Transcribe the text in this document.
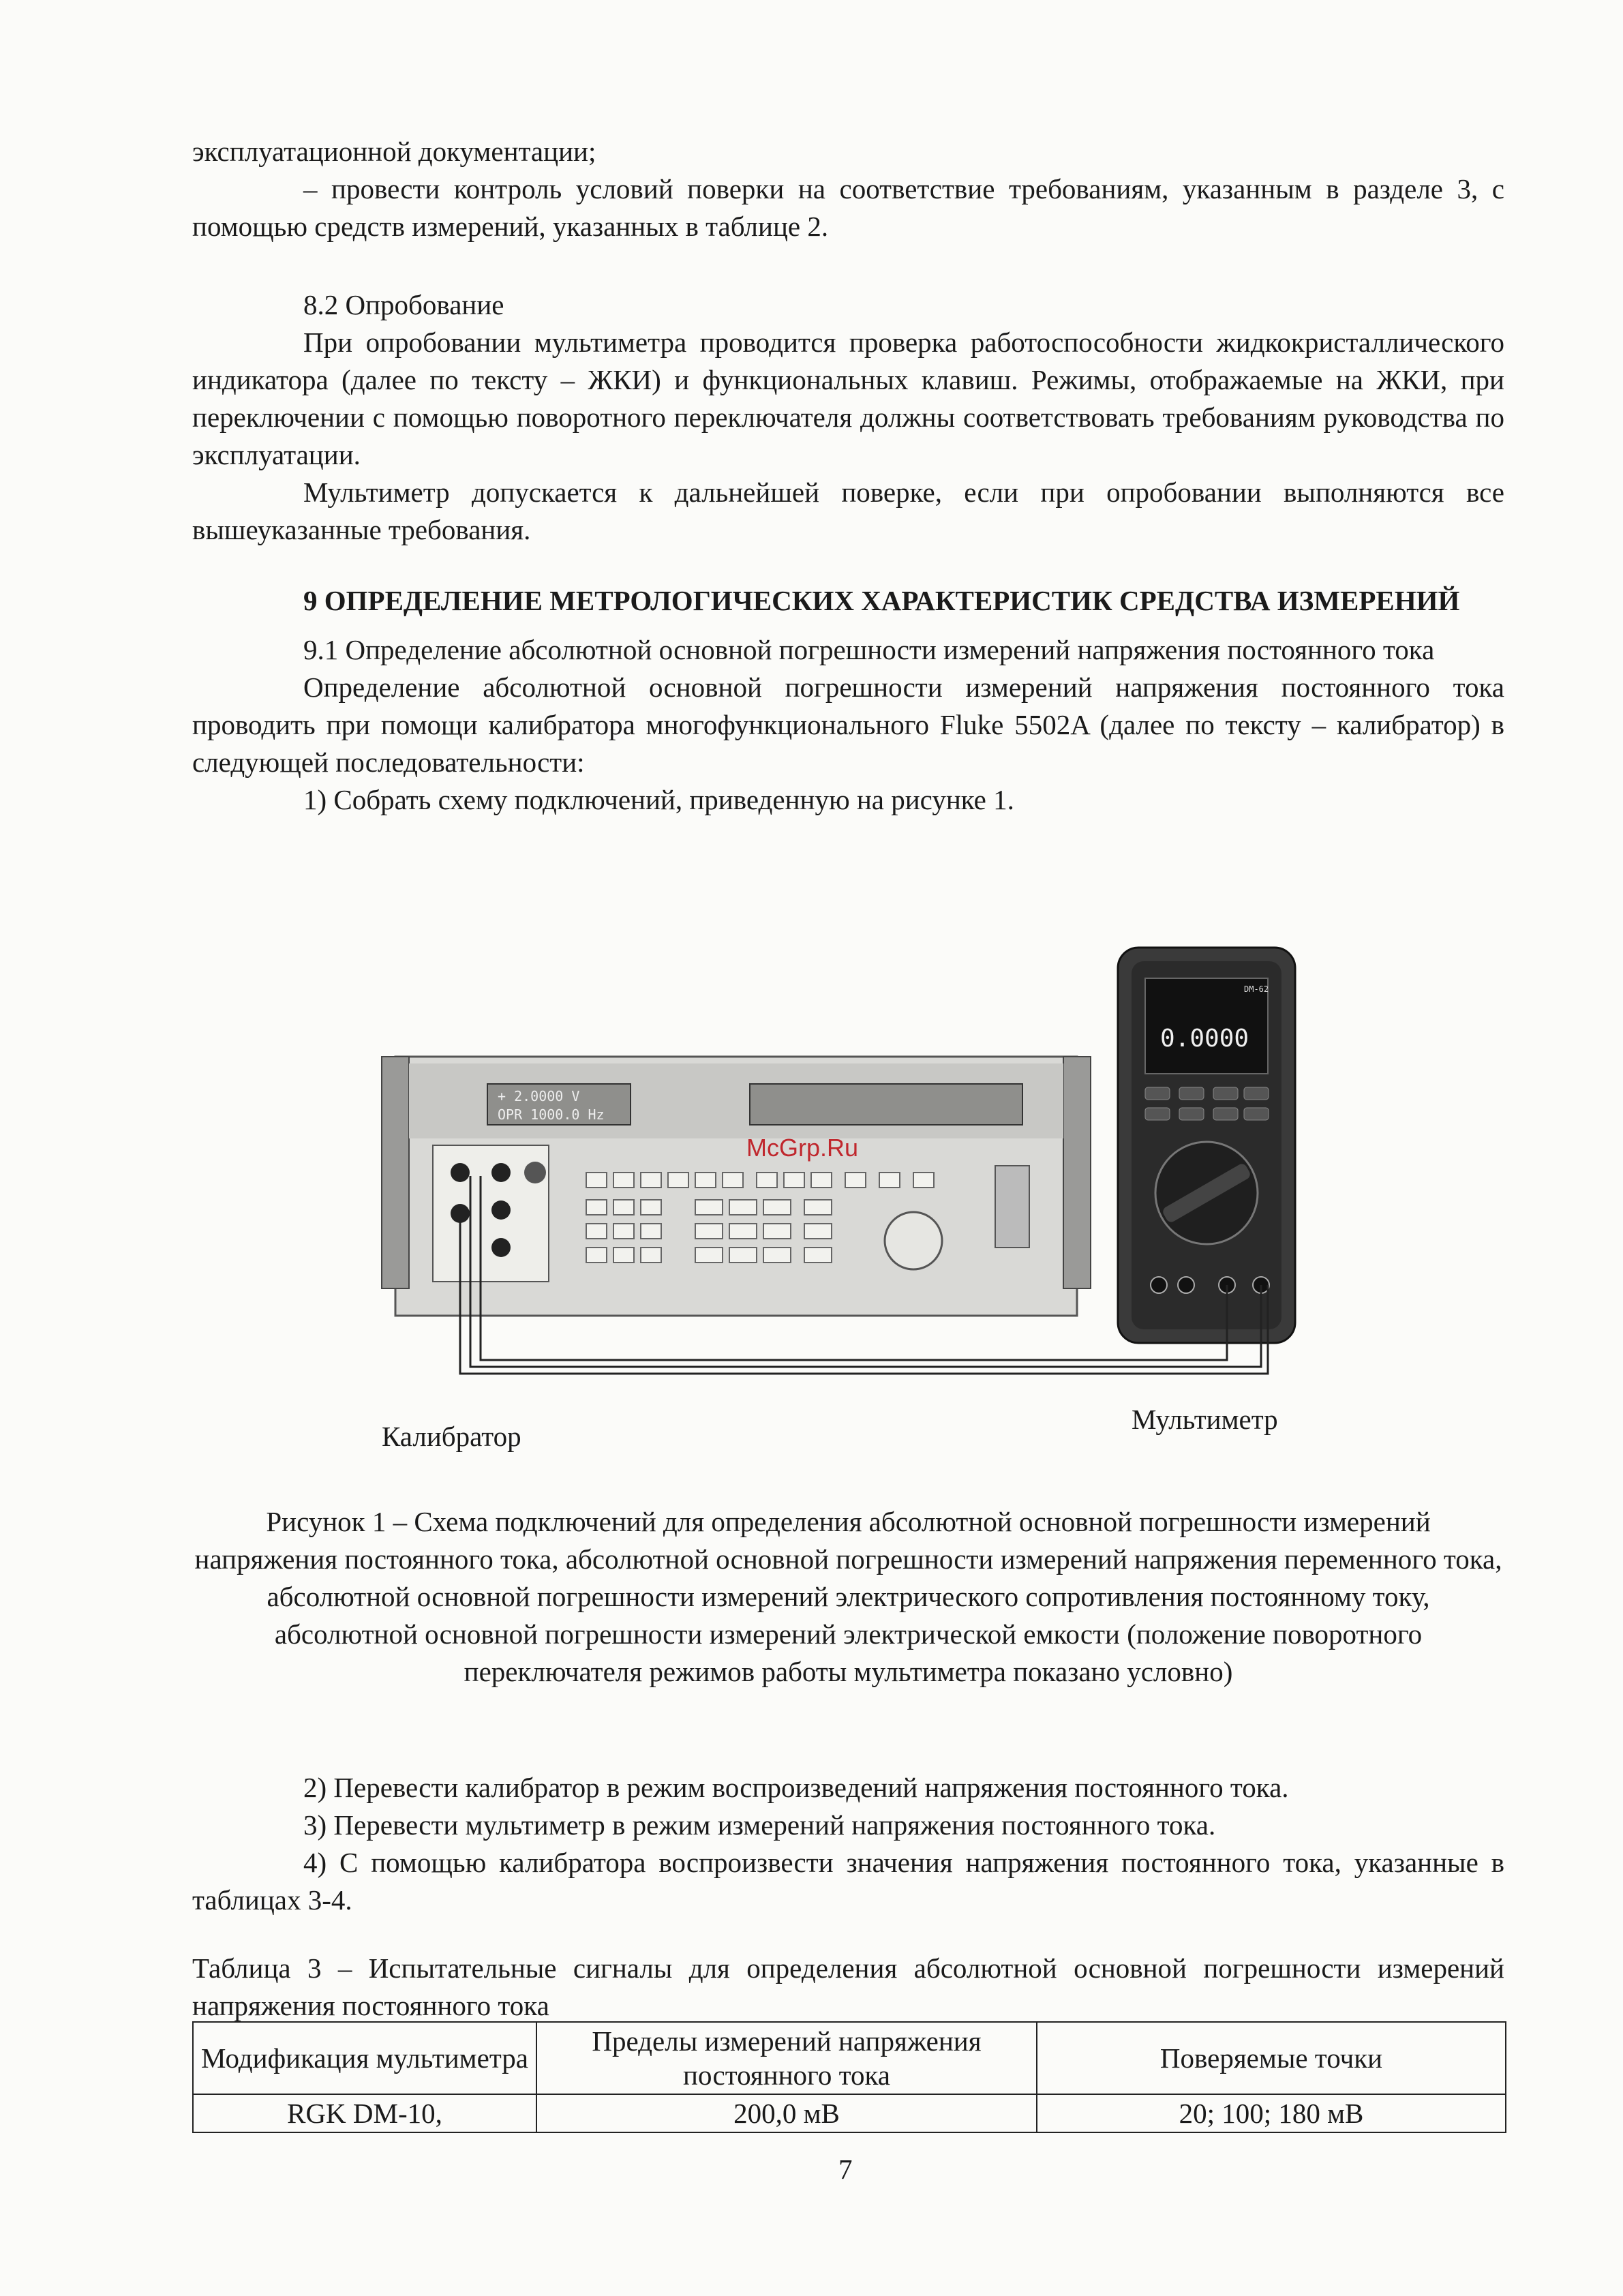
эксплуатационной документации;

– провести контроль условий поверки на соответствие требованиям, указанным в разделе 3, с помощью средств измерений, указанных в таблице 2.

8.2 Опробование

При опробовании мультиметра проводится проверка работоспособности жидкокристаллического индикатора (далее по тексту – ЖКИ) и функциональных клавиш. Режимы, отображаемые на ЖКИ, при переключении с помощью поворотного переключателя должны соответствовать требованиям руководства по эксплуатации.

Мультиметр допускается к дальнейшей поверке, если при опробовании выполняются все вышеуказанные требования.

9 ОПРЕДЕЛЕНИЕ МЕТРОЛОГИЧЕСКИХ ХАРАКТЕРИСТИК СРЕДСТВА ИЗМЕРЕНИЙ

9.1 Определение абсолютной основной погрешности измерений напряжения постоянного тока

Определение абсолютной основной погрешности измерений напряжения постоянного тока проводить при помощи калибратора многофункционального Fluke 5502A (далее по тексту – калибратор) в следующей последовательности:

1) Собрать схему подключений, приведенную на рисунке 1.

+ 2.0000 V
OPR 1000.0 Hz
0.0000
DM-62
McGrp.Ru
Калибратор
Мультиметр
Рисунок 1 – Схема подключений для определения абсолютной основной погрешности измерений напряжения постоянного тока, абсолютной основной погрешности измерений напряжения переменного тока, абсолютной основной погрешности измерений электрического сопротивления постоянному току, абсолютной основной погрешности измерений электрической емкости (положение поворотного переключателя режимов работы мультиметра показано условно)

2) Перевести калибратор в режим воспроизведений напряжения постоянного тока.

3) Перевести мультиметр в режим измерений напряжения постоянного тока.

4) С помощью калибратора воспроизвести значения напряжения постоянного тока, указанные в таблицах 3-4.

Таблица 3 – Испытательные сигналы для определения абсолютной основной погрешности измерений напряжения постоянного тока

Модификация мультиметра	Пределы измерений напряжения постоянного тока	Поверяемые точки
RGK DM-10,	200,0 мВ	20; 100; 180 мВ
7
